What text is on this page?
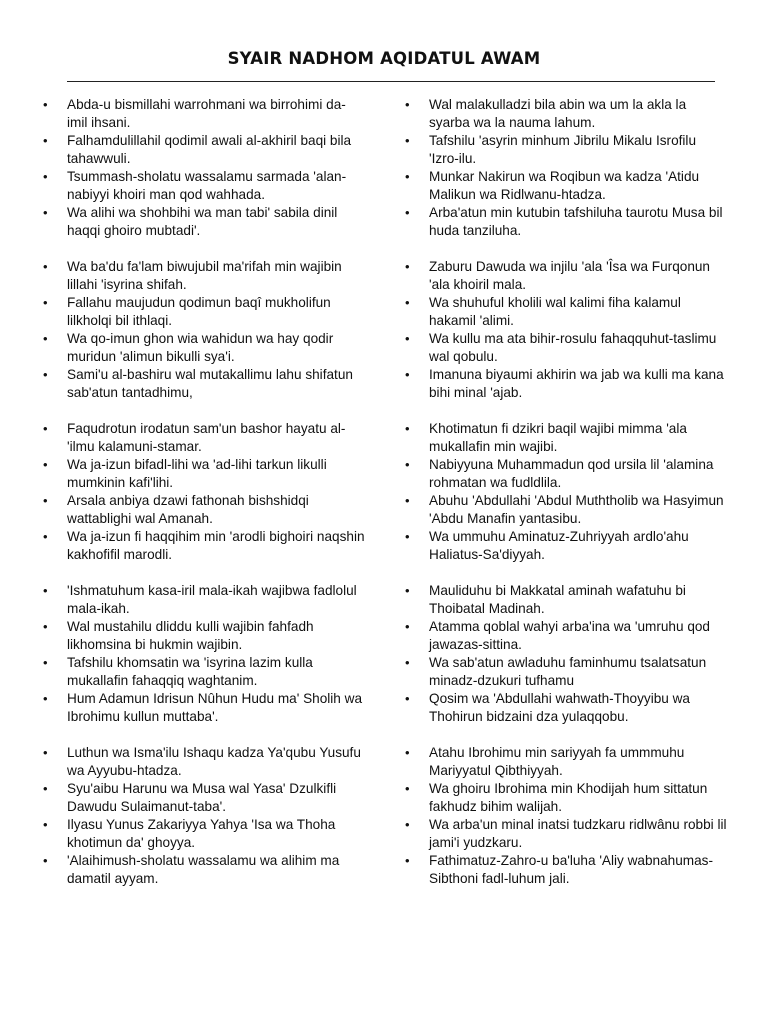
SYAIR NADHOM AQIDATUL AWAM
• Abda-u bismillahi warrohmani wa birrohimi da-imil ihsani.
• Falhamdulillahil qodimil awali al-akhiril baqi bila tahawwuli.
• Tsummash-sholatu wassalamu sarmada 'alan-nabiyyi khoiri man qod wahhada.
• Wa alihi wa shohbihi wa man tabi' sabila dinil haqqi ghoiro mubtadi'.
• Wa ba'du fa'lam biwujubil ma'rifah min wajibin lillahi 'isyrina shifah.
• Fallahu maujudun qodimun baqî mukholifun lilkholqi bil ithlaqi.
• Wa qo-imun ghon wia wahidun wa hay qodir muridun 'alimun bikulli sya'i.
• Sami'u al-bashiru wal mutakallimu lahu shifatun sab'atun tantadhimu,
• Faqudrotun irodatun sam'un bashor hayatu al-'ilmu kalamuni-stamar.
• Wa ja-izun bifadl-lihi wa 'ad-lihi tarkun likulli mumkinin kafi'lihi.
• Arsala anbiya dzawi fathonah bishshidqi wattablighi wal Amanah.
• Wa ja-izun fi haqqihim min 'arodli bighoiri naqshin kakhofifil marodli.
• 'Ishmatuhum kasa-iril mala-ikah wajibwa fadlolul mala-ikah.
• Wal mustahilu dliddu kulli wajibin fahfadh likhomsina bi hukmin wajibin.
• Tafshilu khomsatin wa 'isyrina lazim kulla mukallafin fahaqqiq waghtanim.
• Hum Adamun Idrisun Nûhun Hudu ma' Sholih wa Ibrohimu kullun muttaba'.
• Luthun wa Isma'ilu Ishaqu kadza Ya'qubu Yusufu wa Ayyubu-htadza.
• Syu'aibu Harunu wa Musa wal Yasa' Dzulkifli Dawudu Sulaimanut-taba'.
• Ilyasu Yunus Zakariyya Yahya 'Isa wa Thoha khotimun da' ghoyya.
• 'Alaihimush-sholatu wassalamu wa alihim ma damatil ayyam.
• Wal malakulladzi bila abin wa um la akla la syarba wa la nauma lahum.
• Tafshilu 'asyrin minhum Jibrilu Mikalu Isrofilu 'Izro-ilu.
• Munkar Nakirun wa Roqibun wa kadza 'Atidu Malikun wa Ridlwanu-htadza.
• Arba'atun min kutubin tafshiluha taurotu Musa bil huda tanziluha.
• Zaburu Dawuda wa injilu 'ala 'Îsa wa Furqonun 'ala khoiril mala.
• Wa shuhuful kholili wal kalimi fiha kalamul hakamil 'alimi.
• Wa kullu ma ata bihir-rosulu fahaqquhut-taslimu wal qobulu.
• Imanuna biyaumi akhirin wa jab wa kulli ma kana bihi minal 'ajab.
• Khotimatun fi dzikri baqil wajibi mimma 'ala mukallafin min wajibi.
• Nabiyyuna Muhammadun qod ursila lil 'alamina rohmatan wa fudldlila.
• Abuhu 'Abdullahi 'Abdul Muththolib wa Hasyimun 'Abdu Manafin yantasibu.
• Wa ummuhu Aminatuz-Zuhriyyah ardlo'ahu Haliatus-Sa'diyyah.
• Mauliduhu bi Makkatal aminah wafatuhu bi Thoibatal Madinah.
• Atamma qoblal wahyi arba'ina wa 'umruhu qod jawazas-sittina.
• Wa sab'atun awladuhu faminhumu tsalatsatun minadz-dzukuri tufhamu
• Qosim wa 'Abdullahi wahwath-Thoyyibu wa Thohirun bidzaini dza yulaqqobu.
• Atahu Ibrohimu min sariyyah fa ummmuhu Mariyyatul Qibthiyyah.
• Wa ghoiru Ibrohima min Khodijah hum sittatun fakhudz bihim walijah.
• Wa arba'un minal inatsi tudzkaru ridlwânu robbi lil jami'i yudzkaru.
• Fathimatuz-Zahro-u ba'luha 'Aliy wabnahumas-Sibthoni fadl-luhum jali.
